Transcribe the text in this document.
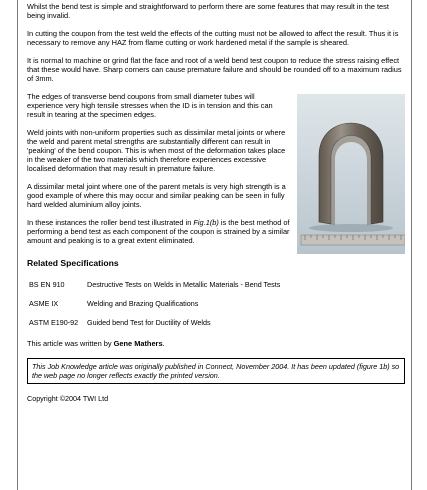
Whilst the bend test is simple and straightforward to perform there are some features that may result in the test being invalid.

In cutting the coupon from the test weld the effects of the cutting must not be allowed to affect the result. Thus it is necessary to remove any HAZ from flame cutting or work hardened metal if the sample is sheared.

It is normal to machine or grind flat the face and root of a weld bend test coupon to reduce the stress raising effect that these would have. Sharp corners can cause premature failure and should be rounded off to a maximum radius of 3mm.

The edges of transverse bend coupons from small diameter tubes will experience very high tensile stresses when the ID is in tension and this can result in tearing at the specimen edges.

Weld joints with non-uniform properties such as dissimilar metal joints or where the weld and parent metal strengths are substantially different can result in 'peaking' of the bend coupon. This is when most of the deformation takes place in the weaker of the two materials which therefore experiences excessive localised deformation that may result in premature failure.

A dissimilar metal joint where one of the parent metals is very high strength is a good example of where this may occur and similar peaking can be seen in fully hard welded aluminium alloy joints.

In these instances the roller bend test illustrated in Fig.1(b) is the best method of performing a bend test as each component of the coupon is strained by a similar amount and peaking is to a great extent eliminated.

Related Specifications
BS EN 910	Destructive Tests on Welds in Metallic Materials - Bend Tests
ASME IX	Welding and Brazing Qualifications
ASTM E190-92	Guided bend Test for Ductility of Welds
This article was written by Gene Mathers.
This Job Knowledge article was originally published in Connect, November 2004. It has been updated (figure 1b) so the web page no longer reflects exactly the printed version.
Copyright ©2004 TWI Ltd
